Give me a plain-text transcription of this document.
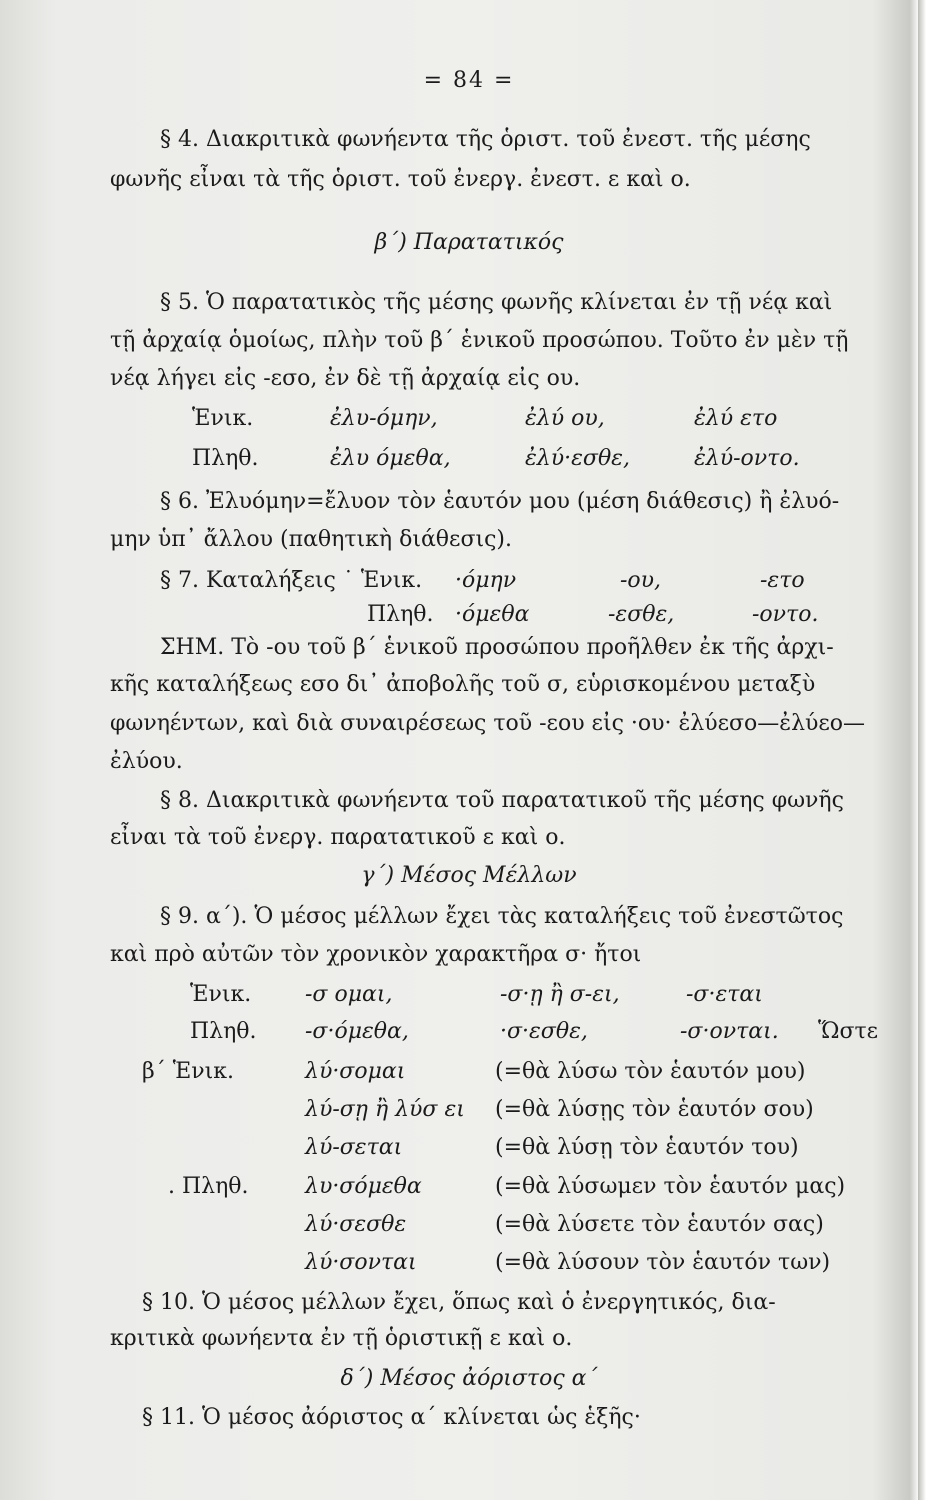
= 84 =
§ 4. Διακριτικὰ φωνήεντα τῆς ὁριστ. τοῦ ἐνεστ. τῆς μέσης
φωνῆς εἶναι τὰ τῆς ὁριστ. τοῦ ἐνεργ. ἐνεστ. ε καὶ ο.
β΄) Παρατατικός
§ 5. Ὁ παρατατικὸς τῆς μέσης φωνῆς κλίνεται ἐν τῇ νέᾳ καὶ
τῇ ἀρχαίᾳ ὁμοίως, πλὴν τοῦ β΄ ἑνικοῦ προσώπου. Τοῦτο ἐν μὲν τῇ
νέᾳ λήγει εἰς -εσο, ἐν δὲ τῇ ἀρχαίᾳ εἰς ου.
Ἑνικ.	ἐλυ-όμην,	ἐλύ ου,	ἐλύ ετο
Πληθ.	ἐλυ όμεθα,	ἐλύ·εσθε,	ἐλύ-οντο.
§ 6. Ἐλυόμην=ἔλυον τὸν ἑαυτόν μου (μέση διάθεσις) ἢ ἐλυό-
μην ὑπ᾿ ἄλλου (παθητικὴ διάθεσις).
§ 7. Καταλήξεις ˙ Ἑνικ. ·όμην	-ου,	-ετο
Πληθ. ·όμεθα	-εσθε,	-οντο.
ΣΗΜ. Τὸ -ου τοῦ β΄ ἑνικοῦ προσώπου προῆλθεν ἐκ τῆς ἀρχι-
κῆς καταλήξεως εσο δι᾿ ἀποβολῆς τοῦ σ, εὑρισκομένου μεταξὺ
φωνηέντων, καὶ διὰ συναιρέσεως τοῦ -εου εἰς ·ου· ἐλύεσο—ἐλύεο—
ἐλύου.
§ 8. Διακριτικὰ φωνήεντα τοῦ παρατατικοῦ τῆς μέσης φωνῆς
εἶναι τὰ τοῦ ἐνεργ. παρατατικοῦ ε καὶ ο.
γ΄) Μέσος Μέλλων
§ 9. α΄). Ὁ μέσος μέλλων ἔχει τὰς καταλήξεις τοῦ ἐνεστῶτος
καὶ πρὸ αὐτῶν τὸν χρονικὸν χαρακτῆρα σ· ἤτοι
Ἑνικ. -σ ομαι,	-σ·ῃ ἢ σ-ει,	-σ·εται
Πληθ. -σ·όμεθα,	·σ·εσθε,	-σ·ονται. Ὥστε
β΄ Ἑνικ.	λύ·σομαι	(=θὰ λύσω τὸν ἑαυτόν μου)
λύ-σῃ ἢ λύσ ει (=θὰ λύσῃς τὸν ἑαυτόν σου)
λύ-σεται	(=θὰ λύσῃ τὸν ἑαυτόν του)
. Πληθ.	λυ·σόμεθα	(=θὰ λύσωμεν τὸν ἑαυτόν μας)
λύ·σεσθε	(=θὰ λύσετε τὸν ἑαυτόν σας)
λύ·σονται	(=θὰ λύσουν τὸν ἑαυτόν των)
§ 10. Ὁ μέσος μέλλων ἔχει, ὅπως καὶ ὁ ἐνεργητικός, δια-
κριτικὰ φωνήεντα ἐν τῇ ὁριστικῇ ε καὶ ο.
δ΄) Μέσος ἀόριστος α΄
§ 11. Ὁ μέσος ἀόριστος α΄ κλίνεται ὡς ἑξῆς·
